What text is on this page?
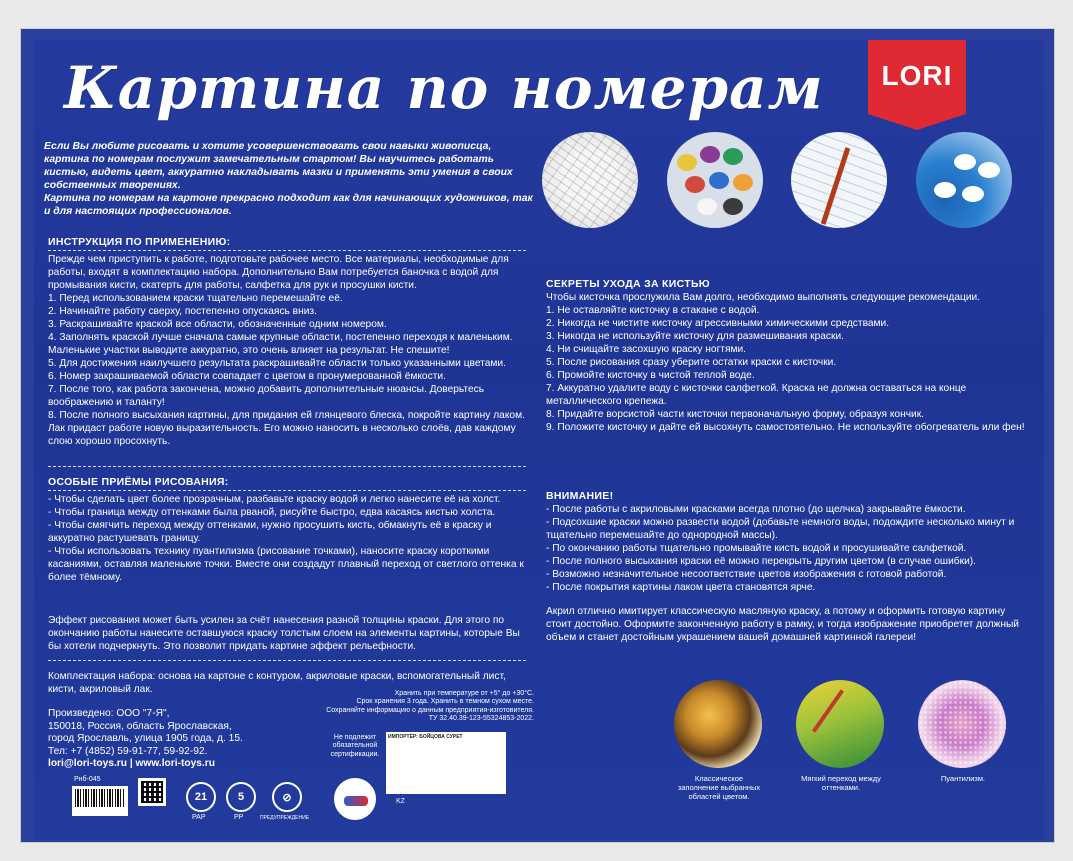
Картина по номерам	LORI

Если Вы любите рисовать и хотите усовершенствовать свои навыки живописца, картина по номерам послужит замечательным стартом! Вы научитесь работать кистью, видеть цвет, аккуратно накладывать мазки и применять эти умения в своих собственных творениях.

Картина по номерам на картоне прекрасно подходит как для начинающих художников, так и для настоящих профессионалов.

ИНСТРУКЦИЯ ПО ПРИМЕНЕНИЮ:

Прежде чем приступить к работе, подготовьте рабочее место. Все материалы, необходимые для работы, входят в комплектацию набора. Дополнительно Вам потребуется баночка с водой для промывания кисти, скатерть для работы, салфетка для рук и просушки кисти.

1. Перед использованием краски тщательно перемешайте её.

2. Начинайте работу сверху, постепенно опускаясь вниз.

3. Раскрашивайте краской все области, обозначенные одним номером.

4. Заполнять краской лучше сначала самые крупные области, постепенно переходя к маленьким. Маленькие участки выводите аккуратно, это очень влияет на результат. Не спешите!

5. Для достижения наилучшего результата раскрашивайте области только указанными цветами.

6. Номер закрашиваемой области совпадает с цветом в пронумерованной ёмкости.

7. После того, как работа закончена, можно добавить дополнительные нюансы. Доверьтесь воображению и таланту!

8. После полного высыхания картины, для придания ей глянцевого блеска, покройте картину лаком. Лак придаст работе новую выразительность. Его можно наносить в несколько слоёв, дав каждому слою хорошо просохнуть.

ОСОБЫЕ ПРИЁМЫ РИСОВАНИЯ:

- Чтобы сделать цвет более прозрачным, разбавьте краску водой и легко нанесите её на холст.

- Чтобы граница между оттенками была рваной, рисуйте быстро, едва касаясь кистью холста.

- Чтобы смягчить переход между оттенками, нужно просушить кисть, обмакнуть её в краску и аккуратно растушевать границу.

- Чтобы использовать технику пуантилизма (рисование точками), наносите краску короткими касаниями, оставляя маленькие точки. Вместе они создадут плавный переход от светлого оттенка к более тёмному.

Эффект рисования может быть усилен за счёт нанесения разной толщины краски. Для этого по окончанию работы нанесите оставшуюся краску толстым слоем на элементы картины, которые Вы бы хотели подчеркнуть. Это позволит придать картине эффект рельефности.
Комплектация набора: основа на картоне с контуром, акриловые краски, вспомогательный лист, кисти, акриловый лак.

Произведено: ООО "7-Я",

150018, Россия, область Ярославская,

город Ярославль, улица 1905 года, д. 15.

Тел: +7 (4852) 59-91-77, 59-92-92.

lori@lori-toys.ru | www.lori-toys.ru

Хранить при температуре от +5° до +30°С.

Срок хранения 3 года. Хранить в темном сухом месте.

Сохраняйте информацию о данным предприятия-изготовителя.

ТУ 32.40.39-123-55324853-2022.

Не подлежит обязательной сертификации.
ИМПОРТЁР: БОЙЦОВА СУРЕТ
KZ
Рнб-045
21
PAP
5
PP
⊘
ПРЕДУПРЕЖДЕНИЕ
СЕКРЕТЫ УХОДА ЗА КИСТЬЮ

Чтобы кисточка прослужила Вам долго, необходимо выполнять следующие рекомендации.

1. Не оставляйте кисточку в стакане с водой.

2. Никогда не чистите кисточку агрессивными химическими средствами.

3. Никогда не используйте кисточку для размешивания краски.

4. Ни счищайте засохшую краску ногтями.

5. После рисования сразу уберите остатки краски с кисточки.

6. Промойте кисточку в чистой теплой воде.

7. Аккуратно удалите воду с кисточки салфеткой. Краска не должна оставаться на конце металлического крепежа.

8. Придайте ворсистой части кисточки первоначальную форму, образуя кончик.

9. Положите кисточку и дайте ей высохнуть самостоятельно. Не используйте обогреватель или фен!

ВНИМАНИЕ!

- После работы с акриловыми красками всегда плотно (до щелчка) закрывайте ёмкости.

- Подсохшие краски можно развести водой (добавьте немного воды, подождите несколько минут и тщательно перемешайте до однородной массы).

- По окончанию работы тщательно промывайте кисть водой и просушивайте салфеткой.

- После полного высыхания краски её можно перекрыть другим цветом (в случае ошибки).

- Возможно незначительное несоответствие цветов изображения с готовой работой.

- После покрытия картины лаком цвета становятся ярче.

Акрил отлично имитирует классическую масляную краску, а потому и оформить готовую картину стоит достойно. Оформите законченную работу в рамку, и тогда изображение приобретет должный объем и станет достойным украшением вашей домашней картинной галереи!
Классическое заполнение выбранных областей цветом.
Мягкий переход между оттенками.
Пуантилизм.
